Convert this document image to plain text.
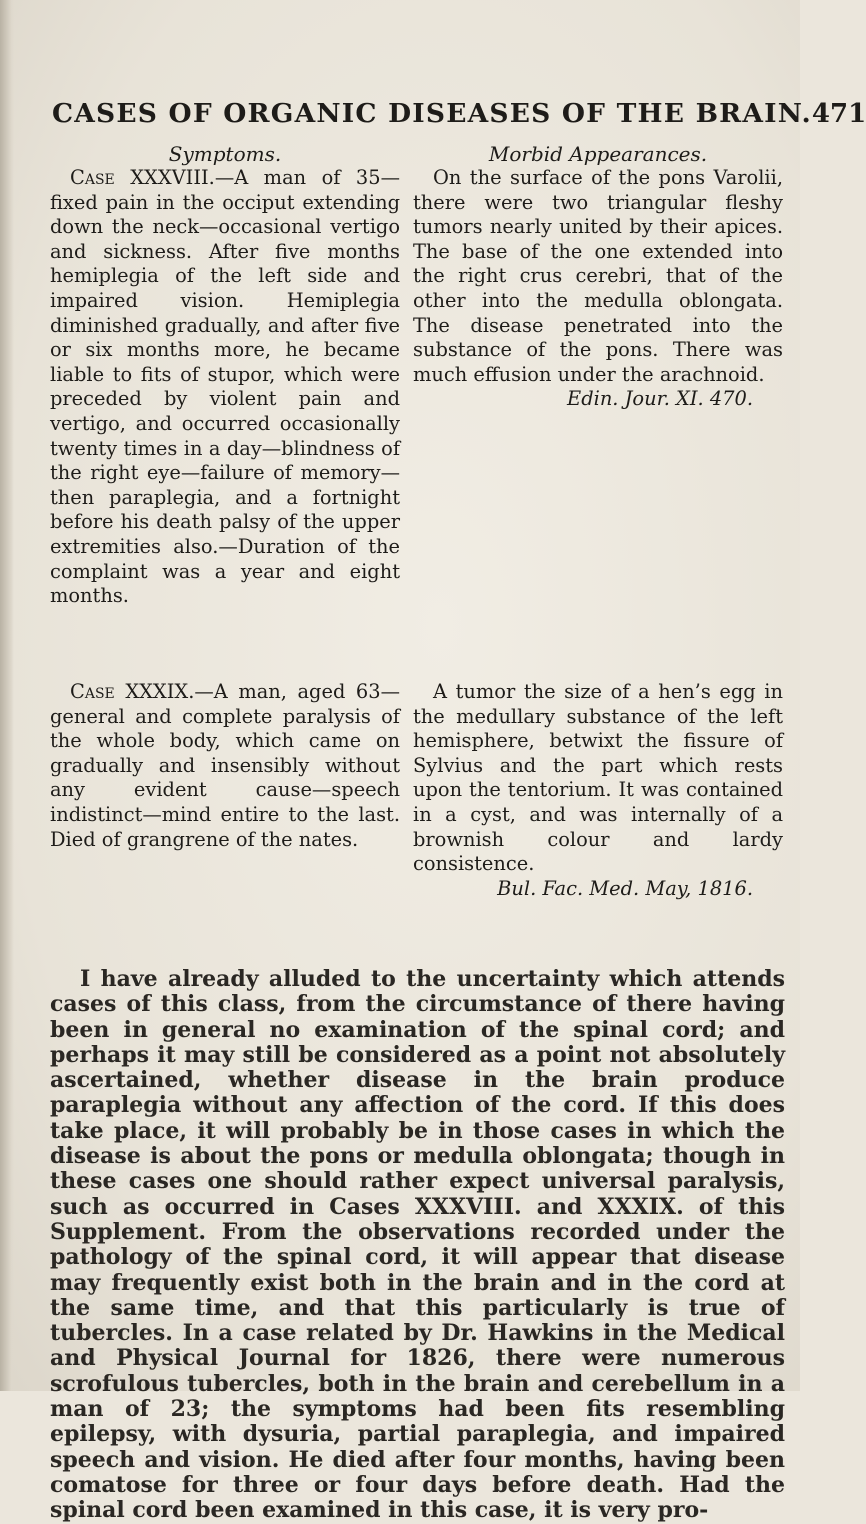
CASES OF ORGANIC DISEASES OF THE BRAIN. 471

Symptoms.

Case XXXVIII.—A man of 35—fixed pain in the occiput extending down the neck—occasional vertigo and sickness. After five months hemiplegia of the left side and impaired vision. Hemiplegia diminished gradually, and after five or six months more, he became liable to fits of stupor, which were preceded by violent pain and vertigo, and occurred occasionally twenty times in a day—blindness of the right eye—failure of memory—then paraplegia, and a fortnight before his death palsy of the upper extremities also.—Duration of the complaint was a year and eight months.

Morbid Appearances.

On the surface of the pons Varolii, there were two triangular fleshy tumors nearly united by their apices. The base of the one extended into the right crus cerebri, that of the other into the medulla oblongata. The disease penetrated into the substance of the pons. There was much effusion under the arachnoid.

Edin. Jour. XI. 470.

Case XXXIX.—A man, aged 63—general and complete paralysis of the whole body, which came on gradually and insensibly without any evident cause—speech indistinct—mind entire to the last. Died of grangrene of the nates.

A tumor the size of a hen’s egg in the medullary substance of the left hemisphere, betwixt the fissure of Sylvius and the part which rests upon the tentorium. It was contained in a cyst, and was internally of a brownish colour and lardy consistence.

Bul. Fac. Med. May, 1816.

I have already alluded to the uncertainty which attends cases of this class, from the circumstance of there having been in general no examination of the spinal cord; and perhaps it may still be considered as a point not absolutely ascertained, whether disease in the brain produce paraplegia without any affection of the cord. If this does take place, it will probably be in those cases in which the disease is about the pons or medulla oblongata; though in these cases one should rather expect universal paralysis, such as occurred in Cases XXXVIII. and XXXIX. of this Supplement. From the observations recorded under the pathology of the spinal cord, it will appear that disease may frequently exist both in the brain and in the cord at the same time, and that this particularly is true of tubercles. In a case related by Dr. Hawkins in the Medical and Physical Journal for 1826, there were numerous scrofulous tubercles, both in the brain and cerebellum in a man of 23; the symptoms had been fits resembling epilepsy, with dysuria, partial paraplegia, and impaired speech and vision. He died after four months, having been comatose for three or four days before death. Had the spinal cord been examined in this case, it is very pro-
